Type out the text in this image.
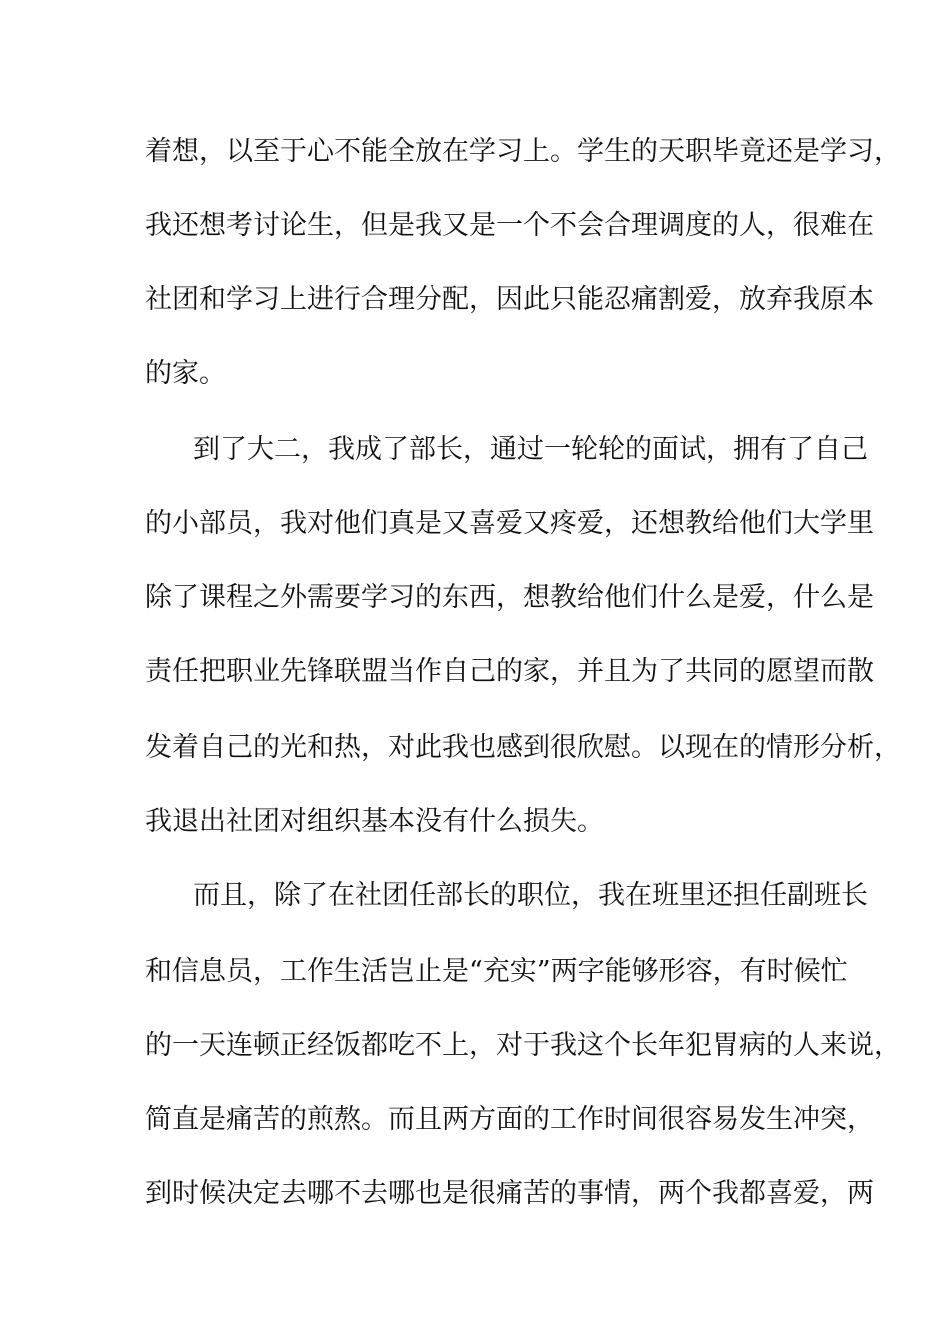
着想，以至于心不能全放在学习上。学生的天职毕竟还是学习，
我还想考讨论生，但是我又是一个不会合理调度的人，很难在
社团和学习上进行合理分配，因此只能忍痛割爱，放弃我原本
的家。
到了大二，我成了部长，通过一轮轮的面试，拥有了自己
的小部员，我对他们真是又喜爱又疼爱，还想教给他们大学里
除了课程之外需要学习的东西，想教给他们什么是爱，什么是
责任把职业先锋联盟当作自己的家，并且为了共同的愿望而散
发着自己的光和热，对此我也感到很欣慰。以现在的情形分析，
我退出社团对组织基本没有什么损失。
而且，除了在社团任部长的职位，我在班里还担任副班长
和信息员，工作生活岂止是“充实”两字能够形容，有时候忙
的一天连顿正经饭都吃不上，对于我这个长年犯胃病的人来说，
简直是痛苦的煎熬。而且两方面的工作时间很容易发生冲突，
到时候决定去哪不去哪也是很痛苦的事情，两个我都喜爱，两
